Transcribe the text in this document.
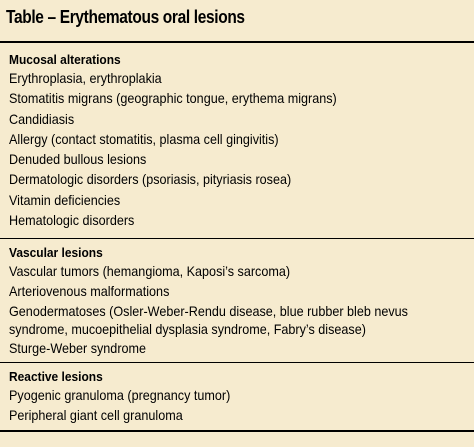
Table – Erythematous oral lesions
Mucosal alterations
Erythroplasia, erythroplakia
Stomatitis migrans (geographic tongue, erythema migrans)
Candidiasis
Allergy (contact stomatitis, plasma cell gingivitis)
Denuded bullous lesions
Dermatologic disorders (psoriasis, pityriasis rosea)
Vitamin deficiencies
Hematologic disorders
Vascular lesions
Vascular tumors (hemangioma, Kaposi’s sarcoma)
Arteriovenous malformations
Genodermatoses (Osler-Weber-Rendu disease, blue rubber bleb nevus
syndrome, mucoepithelial dysplasia syndrome, Fabry’s disease)
Sturge-Weber syndrome
Reactive lesions
Pyogenic granuloma (pregnancy tumor)
Peripheral giant cell granuloma
